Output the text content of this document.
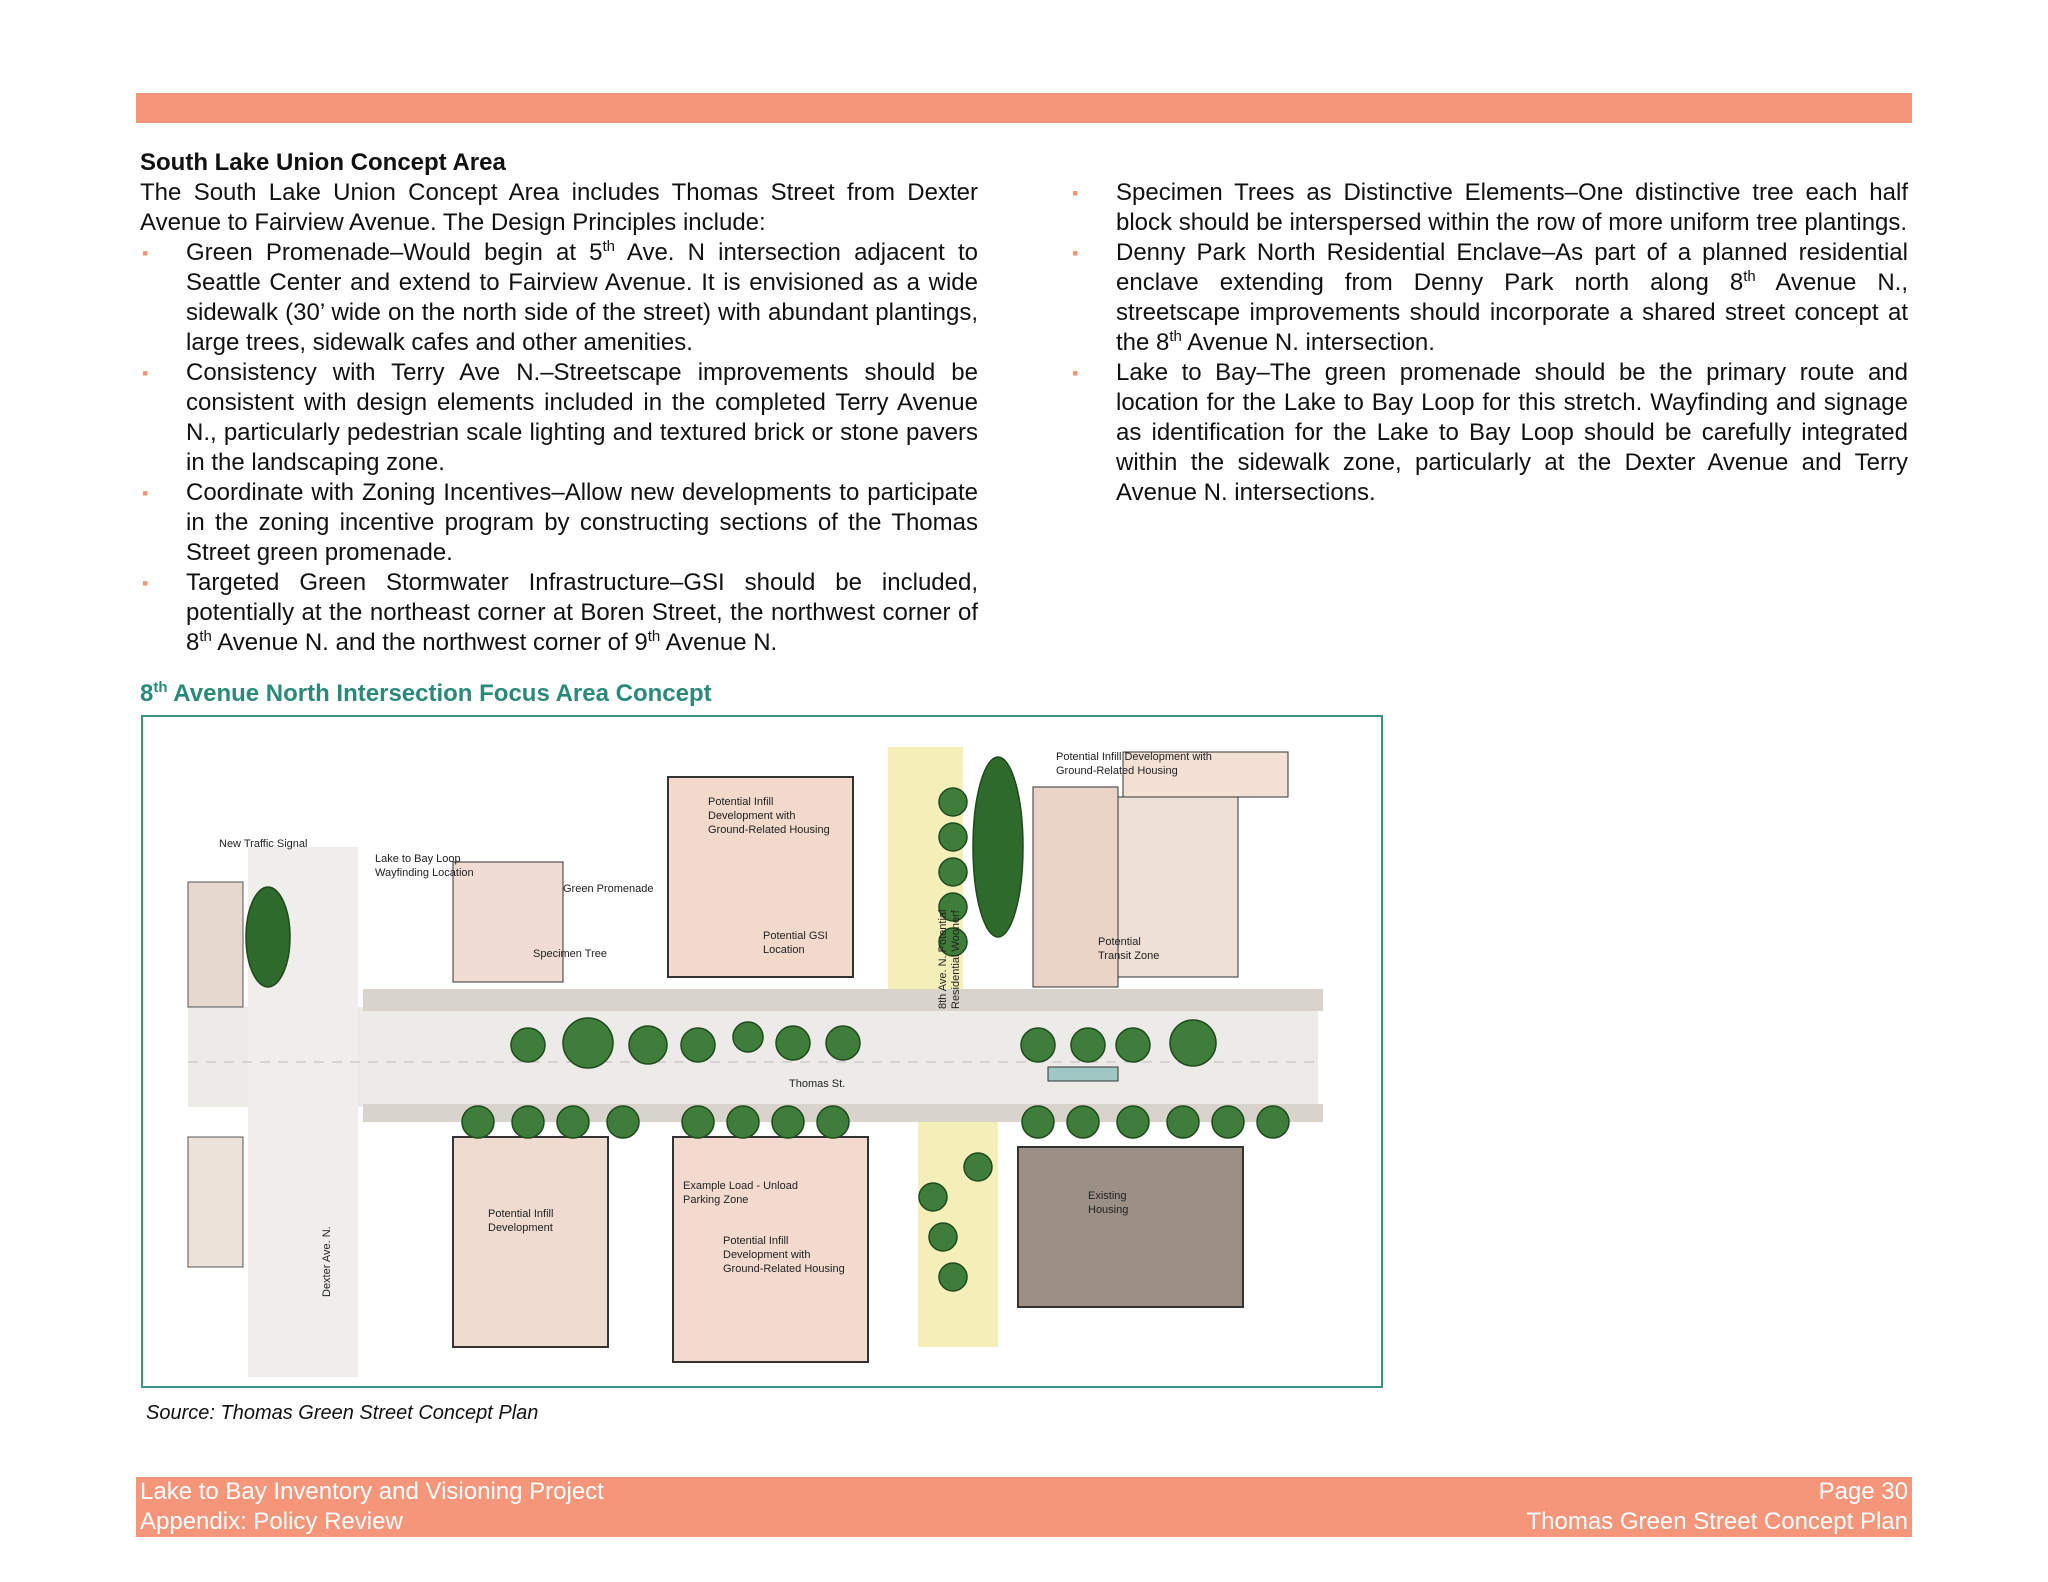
South Lake Union Concept Area

The South Lake Union Concept Area includes Thomas Street from Dexter Avenue to Fairview Avenue. The Design Principles include:

▪ Green Promenade–Would begin at 5th Ave. N intersection adjacent to Seattle Center and extend to Fairview Avenue. It is envisioned as a wide sidewalk (30’ wide on the north side of the street) with abundant plantings, large trees, sidewalk cafes and other amenities.
▪ Consistency with Terry Ave N.–Streetscape improvements should be consistent with design elements included in the completed Terry Avenue N., particularly pedestrian scale lighting and textured brick or stone pavers in the landscaping zone.
▪ Coordinate with Zoning Incentives–Allow new developments to participate in the zoning incentive program by constructing sections of the Thomas Street green promenade.
▪ Targeted Green Stormwater Infrastructure–GSI should be included, potentially at the northeast corner at Boren Street, the northwest corner of 8th Avenue N. and the northwest corner of 9th Avenue N.
▪ Specimen Trees as Distinctive Elements–One distinctive tree each half block should be interspersed within the row of more uniform tree plantings.
▪ Denny Park North Residential Enclave–As part of a planned residential enclave extending from Denny Park north along 8th Avenue N., streetscape improvements should incorporate a shared street concept at the 8th Avenue N. intersection.
▪ Lake to Bay–The green promenade should be the primary route and location for the Lake to Bay Loop for this stretch. Wayfinding and signage as identification for the Lake to Bay Loop should be carefully integrated within the sidewalk zone, particularly at the Dexter Avenue and Terry Avenue N. intersections.
8th Avenue North Intersection Focus Area Concept
New Traffic Signal
Lake to Bay Loop
Wayfinding Location
Green Promenade
Specimen Tree
Potential Infill
Development with
Ground-Related Housing
Potential GSI
Location	8th Ave. N. Potential Residential Woonerf
Potential Infill Development with
Ground-Related Housing
Potential
Transit Zone
Thomas St.
Potential Infill
Development
Example Load - Unload
Parking Zone
Potential Infill
Development with
Ground-Related Housing
Existing
Housing
Dexter Ave. N.
Source: Thomas Green Street Concept Plan
Lake to Bay Inventory and Visioning Project
Appendix: Policy Review
Page 30
Thomas Green Street Concept Plan
